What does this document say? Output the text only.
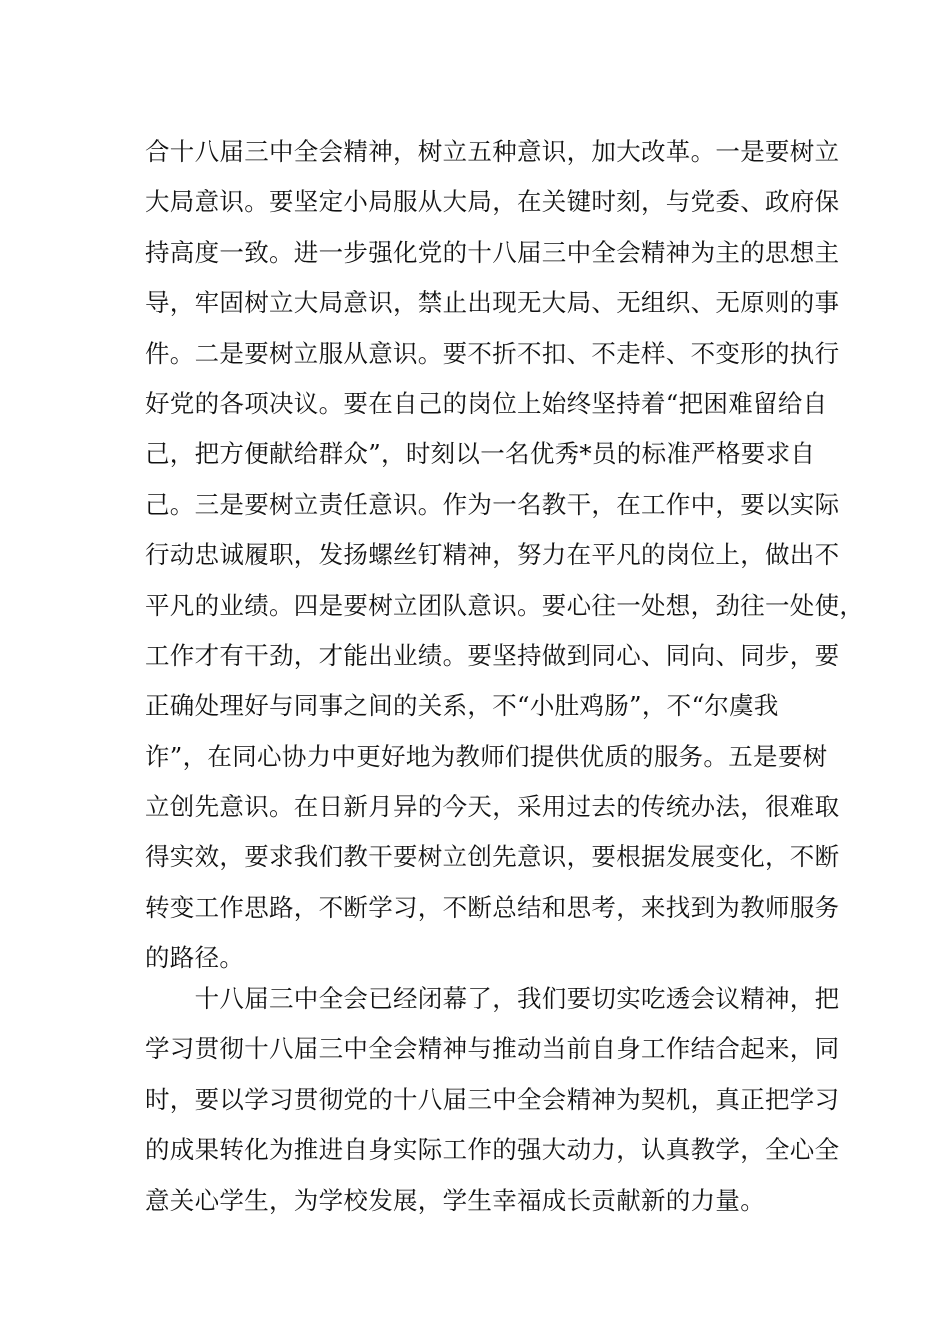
合十八届三中全会精神，树立五种意识，加大改革。一是要树立
大局意识。要坚定小局服从大局，在关键时刻，与党委、政府保
持高度一致。进一步强化党的十八届三中全会精神为主的思想主
导，牢固树立大局意识，禁止出现无大局、无组织、无原则的事
件。二是要树立服从意识。要不折不扣、不走样、不变形的执行
好党的各项决议。要在自己的岗位上始终坚持着“把困难留给自
己，把方便献给群众”，时刻以一名优秀*员的标准严格要求自
己。三是要树立责任意识。作为一名教干，在工作中，要以实际
行动忠诚履职，发扬螺丝钉精神，努力在平凡的岗位上，做出不
平凡的业绩。四是要树立团队意识。要心往一处想，劲往一处使，
工作才有干劲，才能出业绩。要坚持做到同心、同向、同步，要
正确处理好与同事之间的关系，不“小肚鸡肠”，不“尔虞我
诈”，在同心协力中更好地为教师们提供优质的服务。五是要树
立创先意识。在日新月异的今天，采用过去的传统办法，很难取
得实效，要求我们教干要树立创先意识，要根据发展变化，不断
转变工作思路，不断学习，不断总结和思考，来找到为教师服务
的路径。
　　十八届三中全会已经闭幕了，我们要切实吃透会议精神，把
学习贯彻十八届三中全会精神与推动当前自身工作结合起来，同
时，要以学习贯彻党的十八届三中全会精神为契机，真正把学习
的成果转化为推进自身实际工作的强大动力，认真教学，全心全
意关心学生，为学校发展，学生幸福成长贡献新的力量。
